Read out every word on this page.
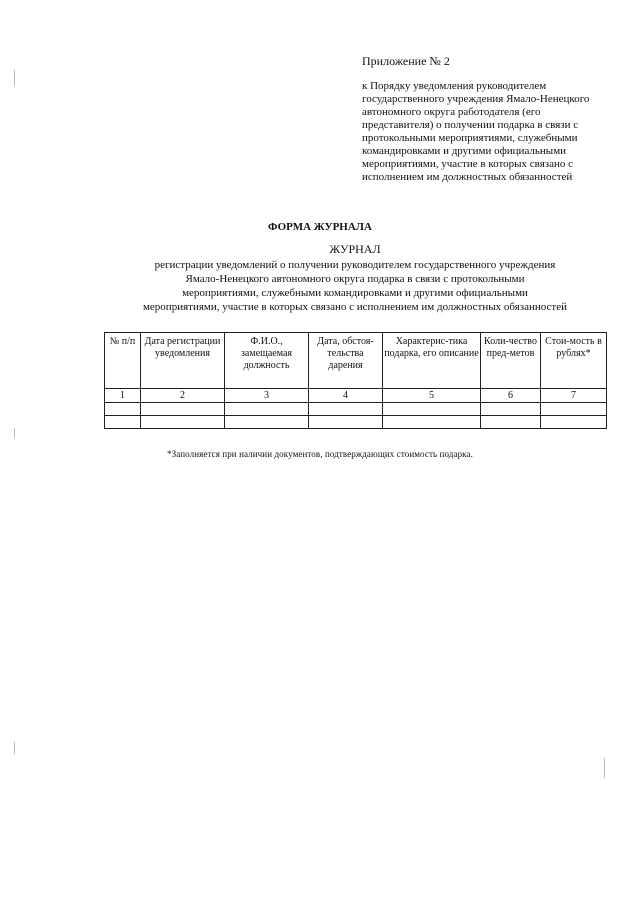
Приложение № 2

к Порядку уведомления руководителем государственного учреждения Ямало-Ненецкого автономного округа работодателя (его представителя) о получении подарка в связи с протокольными мероприятиями, служебными командировками и другими официальными мероприятиями, участие в которых связано с исполнением им должностных обязанностей

ФОРМА ЖУРНАЛА
ЖУРНАЛ
регистрации уведомлений о получении руководителем государственного учреждения
Ямало-Ненецкого автономного округа подарка в связи с протокольными
мероприятиями, служебными командировками и другими официальными
мероприятиями, участие в которых связано с исполнением им должностных обязанностей
№ п/п	Дата регистрации уведомления	Ф.И.О., замещаемая должность	Дата, обстоя-тельства дарения	Характерис-тика подарка, его описание	Коли-чество пред-метов	Стои-мость в рублях*
1	2	3	4	5	6	7

*Заполняется при наличии документов, подтверждающих стоимость подарка.
